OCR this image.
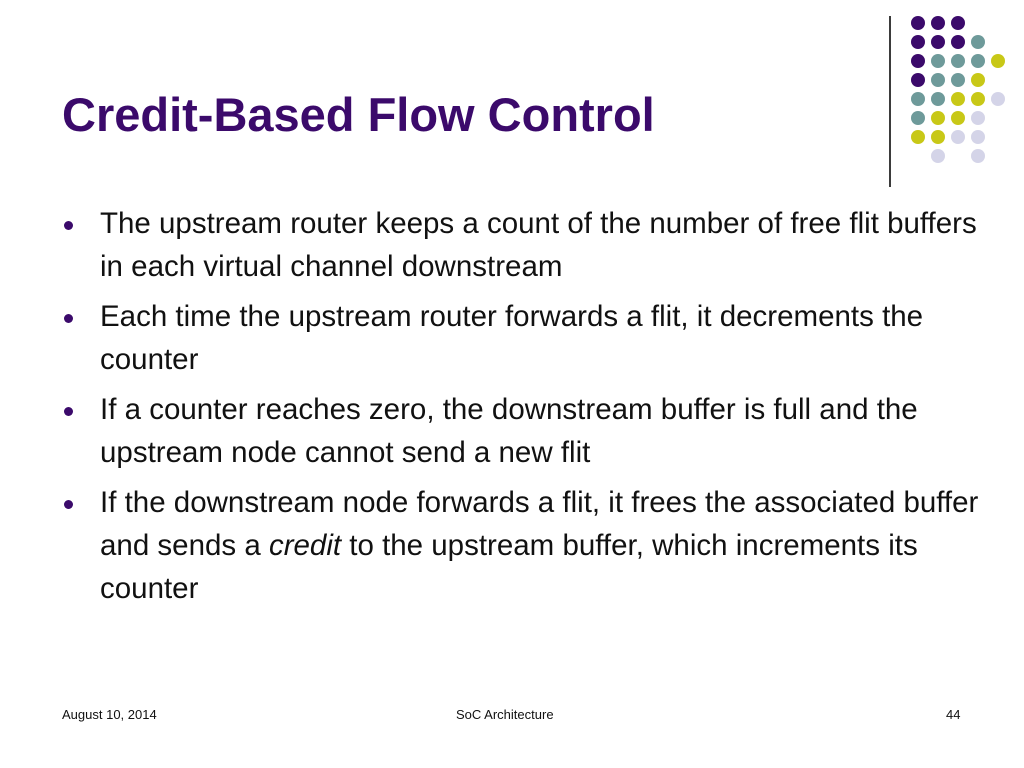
Credit-Based Flow Control
The upstream router keeps a count of the number of free flit buffers in each virtual channel downstream
Each time the upstream router forwards a flit, it decrements the counter
If a counter reaches zero, the downstream buffer is full and the upstream node cannot send a new flit
If the downstream node forwards a flit, it frees the associated buffer and sends a credit to the upstream buffer, which increments its counter
August 10, 2014	SoC Architecture	44
